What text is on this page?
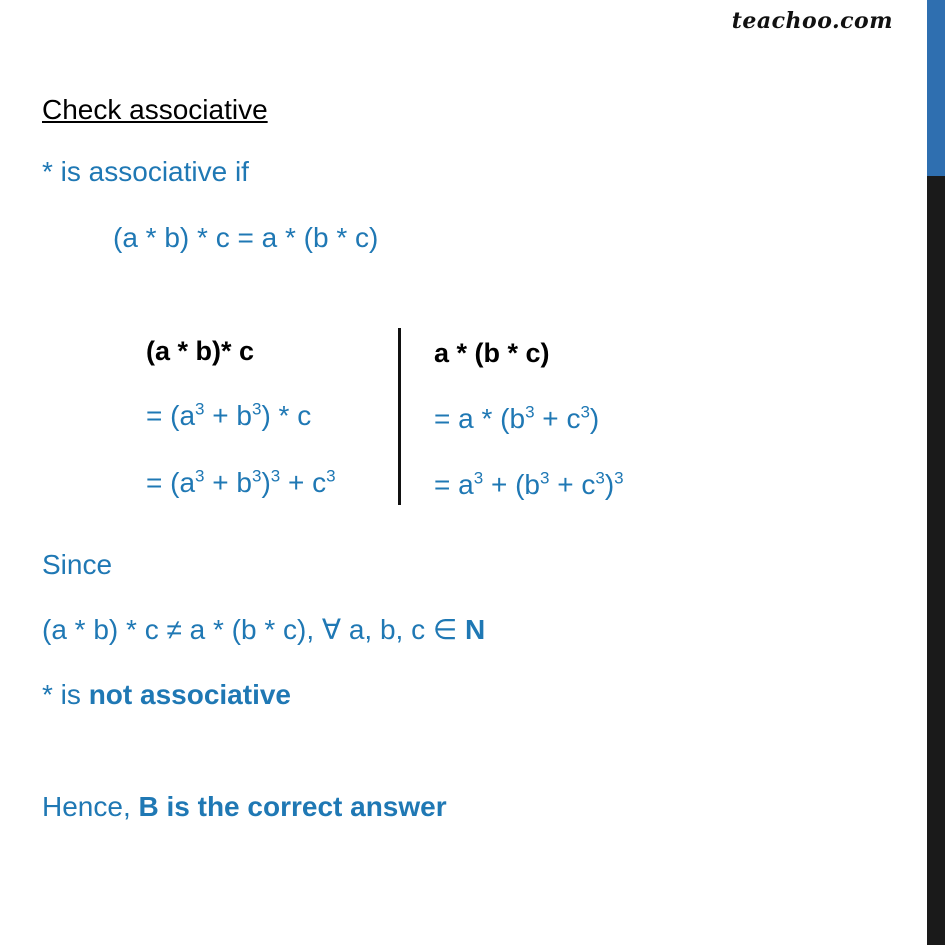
teachoo.com
Check associative
* is associative if
(a * b) * c = a * (b * c)
(a * b)* c
= $(a^3 + b^3) * c$
= $(a^3 + b^3)^3 + c^3$
a * (b * c)
= $a * (b^3 + c^3)$
= $a^3 + (b^3 + c^3)^3$
Since
(a * b) * c ≠ a * (b * c), ∀ a, b, c ∈ N
* is not associative
Hence, B is the correct answer
